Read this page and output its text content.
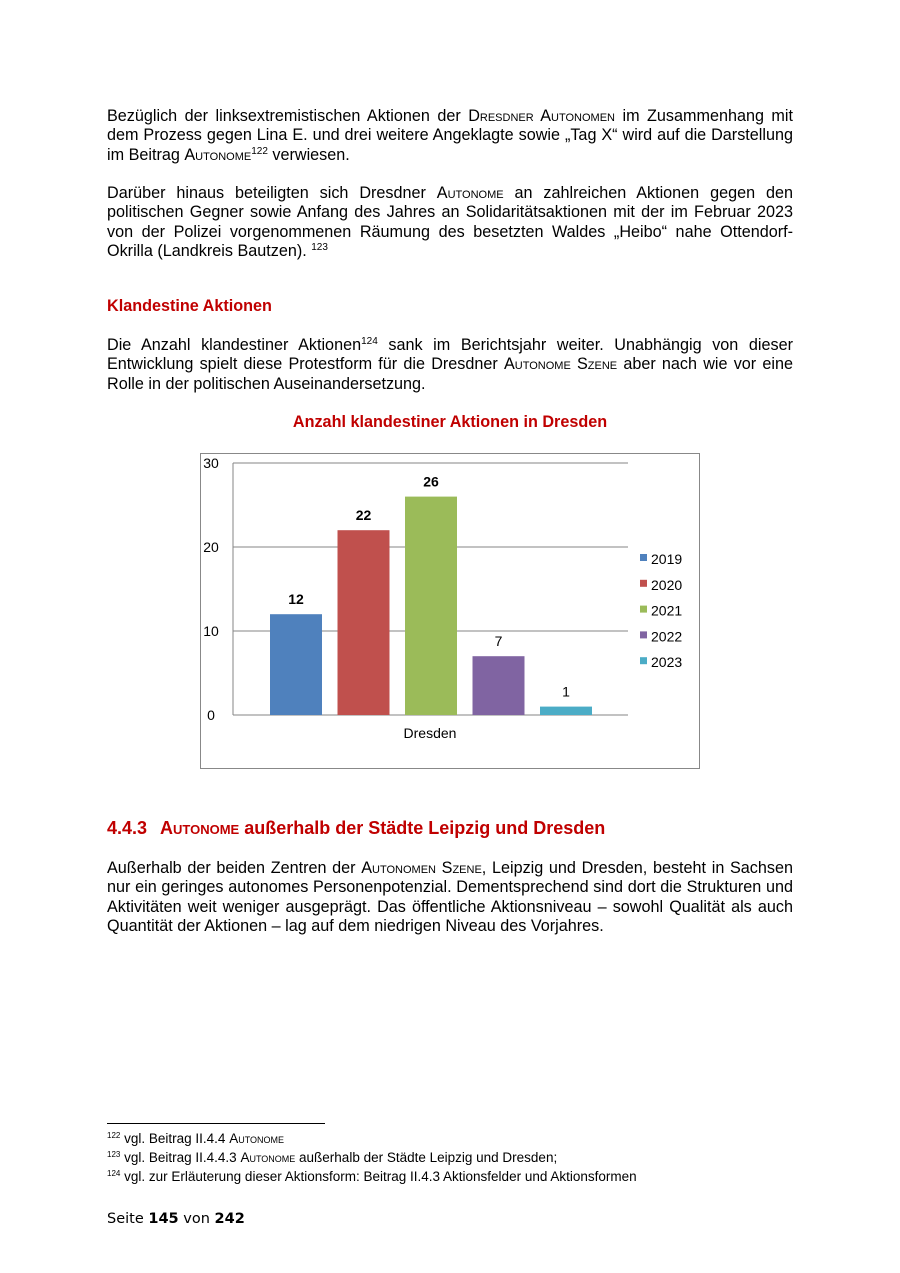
Bezüglich der linksextremistischen Aktionen der Dresdner Autonomen im Zusammenhang mit dem Prozess gegen Lina E. und drei weitere Angeklagte sowie „Tag X“ wird auf die Darstellung im Beitrag Autonome$^{122}$ verwiesen.

Darüber hinaus beteiligten sich Dresdner Autonome an zahlreichen Aktionen gegen den politischen Gegner sowie Anfang des Jahres an Solidaritätsaktionen mit der im Februar 2023 von der Polizei vorgenommenen Räumung des besetzten Waldes „Heibo“ nahe Ottendorf-Okrilla (Landkreis Bautzen). $^{123}$

Klandestine Aktionen

Die Anzahl klandestiner Aktionen$^{124}$ sank im Berichtsjahr weiter. Unabhängig von dieser Entwicklung spielt diese Protestform für die Dresdner Autonome Szene aber nach wie vor eine Rolle in der politischen Auseinandersetzung.

Anzahl klandestiner Aktionen in Dresden
0
10
20
30
12
22
26
7
1
Dresden
2019
2020
2021
2022
2023
4.4.3 Autonome außerhalb der Städte Leipzig und Dresden

Außerhalb der beiden Zentren der Autonomen Szene, Leipzig und Dresden, besteht in Sachsen nur ein geringes autonomes Personenpotenzial. Dementsprechend sind dort die Strukturen und Aktivitäten weit weniger ausgeprägt. Das öffentliche Aktionsniveau – sowohl Qualität als auch Quantität der Aktionen – lag auf dem niedrigen Niveau des Vorjahres.

$^{122}$ vgl. Beitrag II.4.4 Autonome

$^{123}$ vgl. Beitrag II.4.4.3 Autonome außerhalb der Städte Leipzig und Dresden;

$^{124}$ vgl. zur Erläuterung dieser Aktionsform: Beitrag II.4.3 Aktionsfelder und Aktionsformen

Seite 145 von 242
